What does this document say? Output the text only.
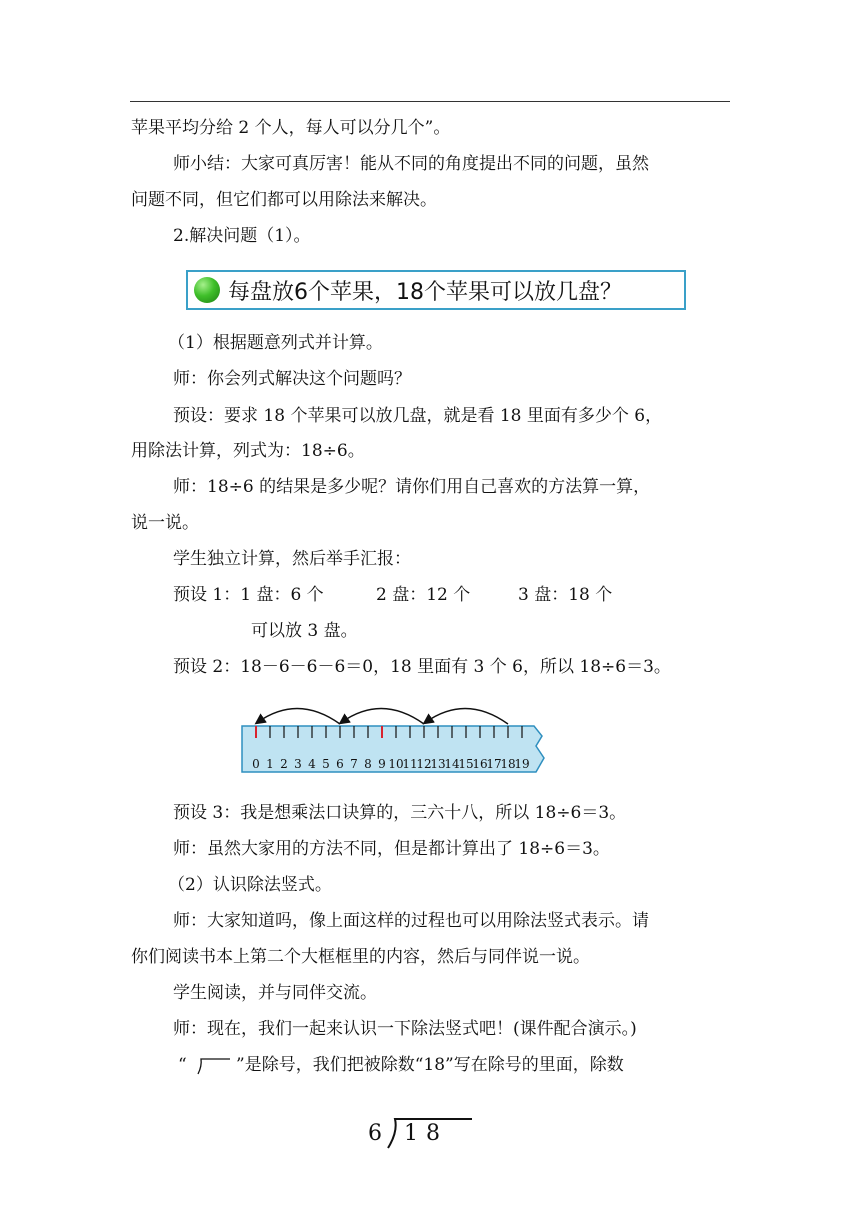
苹果平均分给 2 个人，每人可以分几个”。
师小结：大家可真厉害！能从不同的角度提出不同的问题，虽然
问题不同，但它们都可以用除法来解决。
2.解决问题（1）。
每盘放6个苹果，18个苹果可以放几盘？
（1）根据题意列式并计算。
师：你会列式解决这个问题吗？
预设：要求 18 个苹果可以放几盘，就是看 18 里面有多少个 6，
用除法计算，列式为：18÷6。
师：18÷6 的结果是多少呢？请你们用自己喜欢的方法算一算，
说一说。
学生独立计算，然后举手汇报：
预设 1：1 盘：6 个	2 盘：12 个	3 盘：18 个
可以放 3 盘。
预设 2：18－6－6－6＝0，18 里面有 3 个 6，所以 18÷6＝3。
0 1 2 3 4 5 6 7 8 9 10
11
12
13
14
15
16
17
18
19
预设 3：我是想乘法口诀算的，三六十八，所以 18÷6＝3。
师：虽然大家用的方法不同，但是都计算出了 18÷6＝3。
（2）认识除法竖式。
师：大家知道吗，像上面这样的过程也可以用除法竖式表示。请
你们阅读书本上第二个大框框里的内容，然后与同伴说一说。
学生阅读，并与同伴交流。
师：现在，我们一起来认识一下除法竖式吧！(课件配合演示。)
“	”是除号，我们把被除数“18”写在除号的里面，除数
6 1 8
